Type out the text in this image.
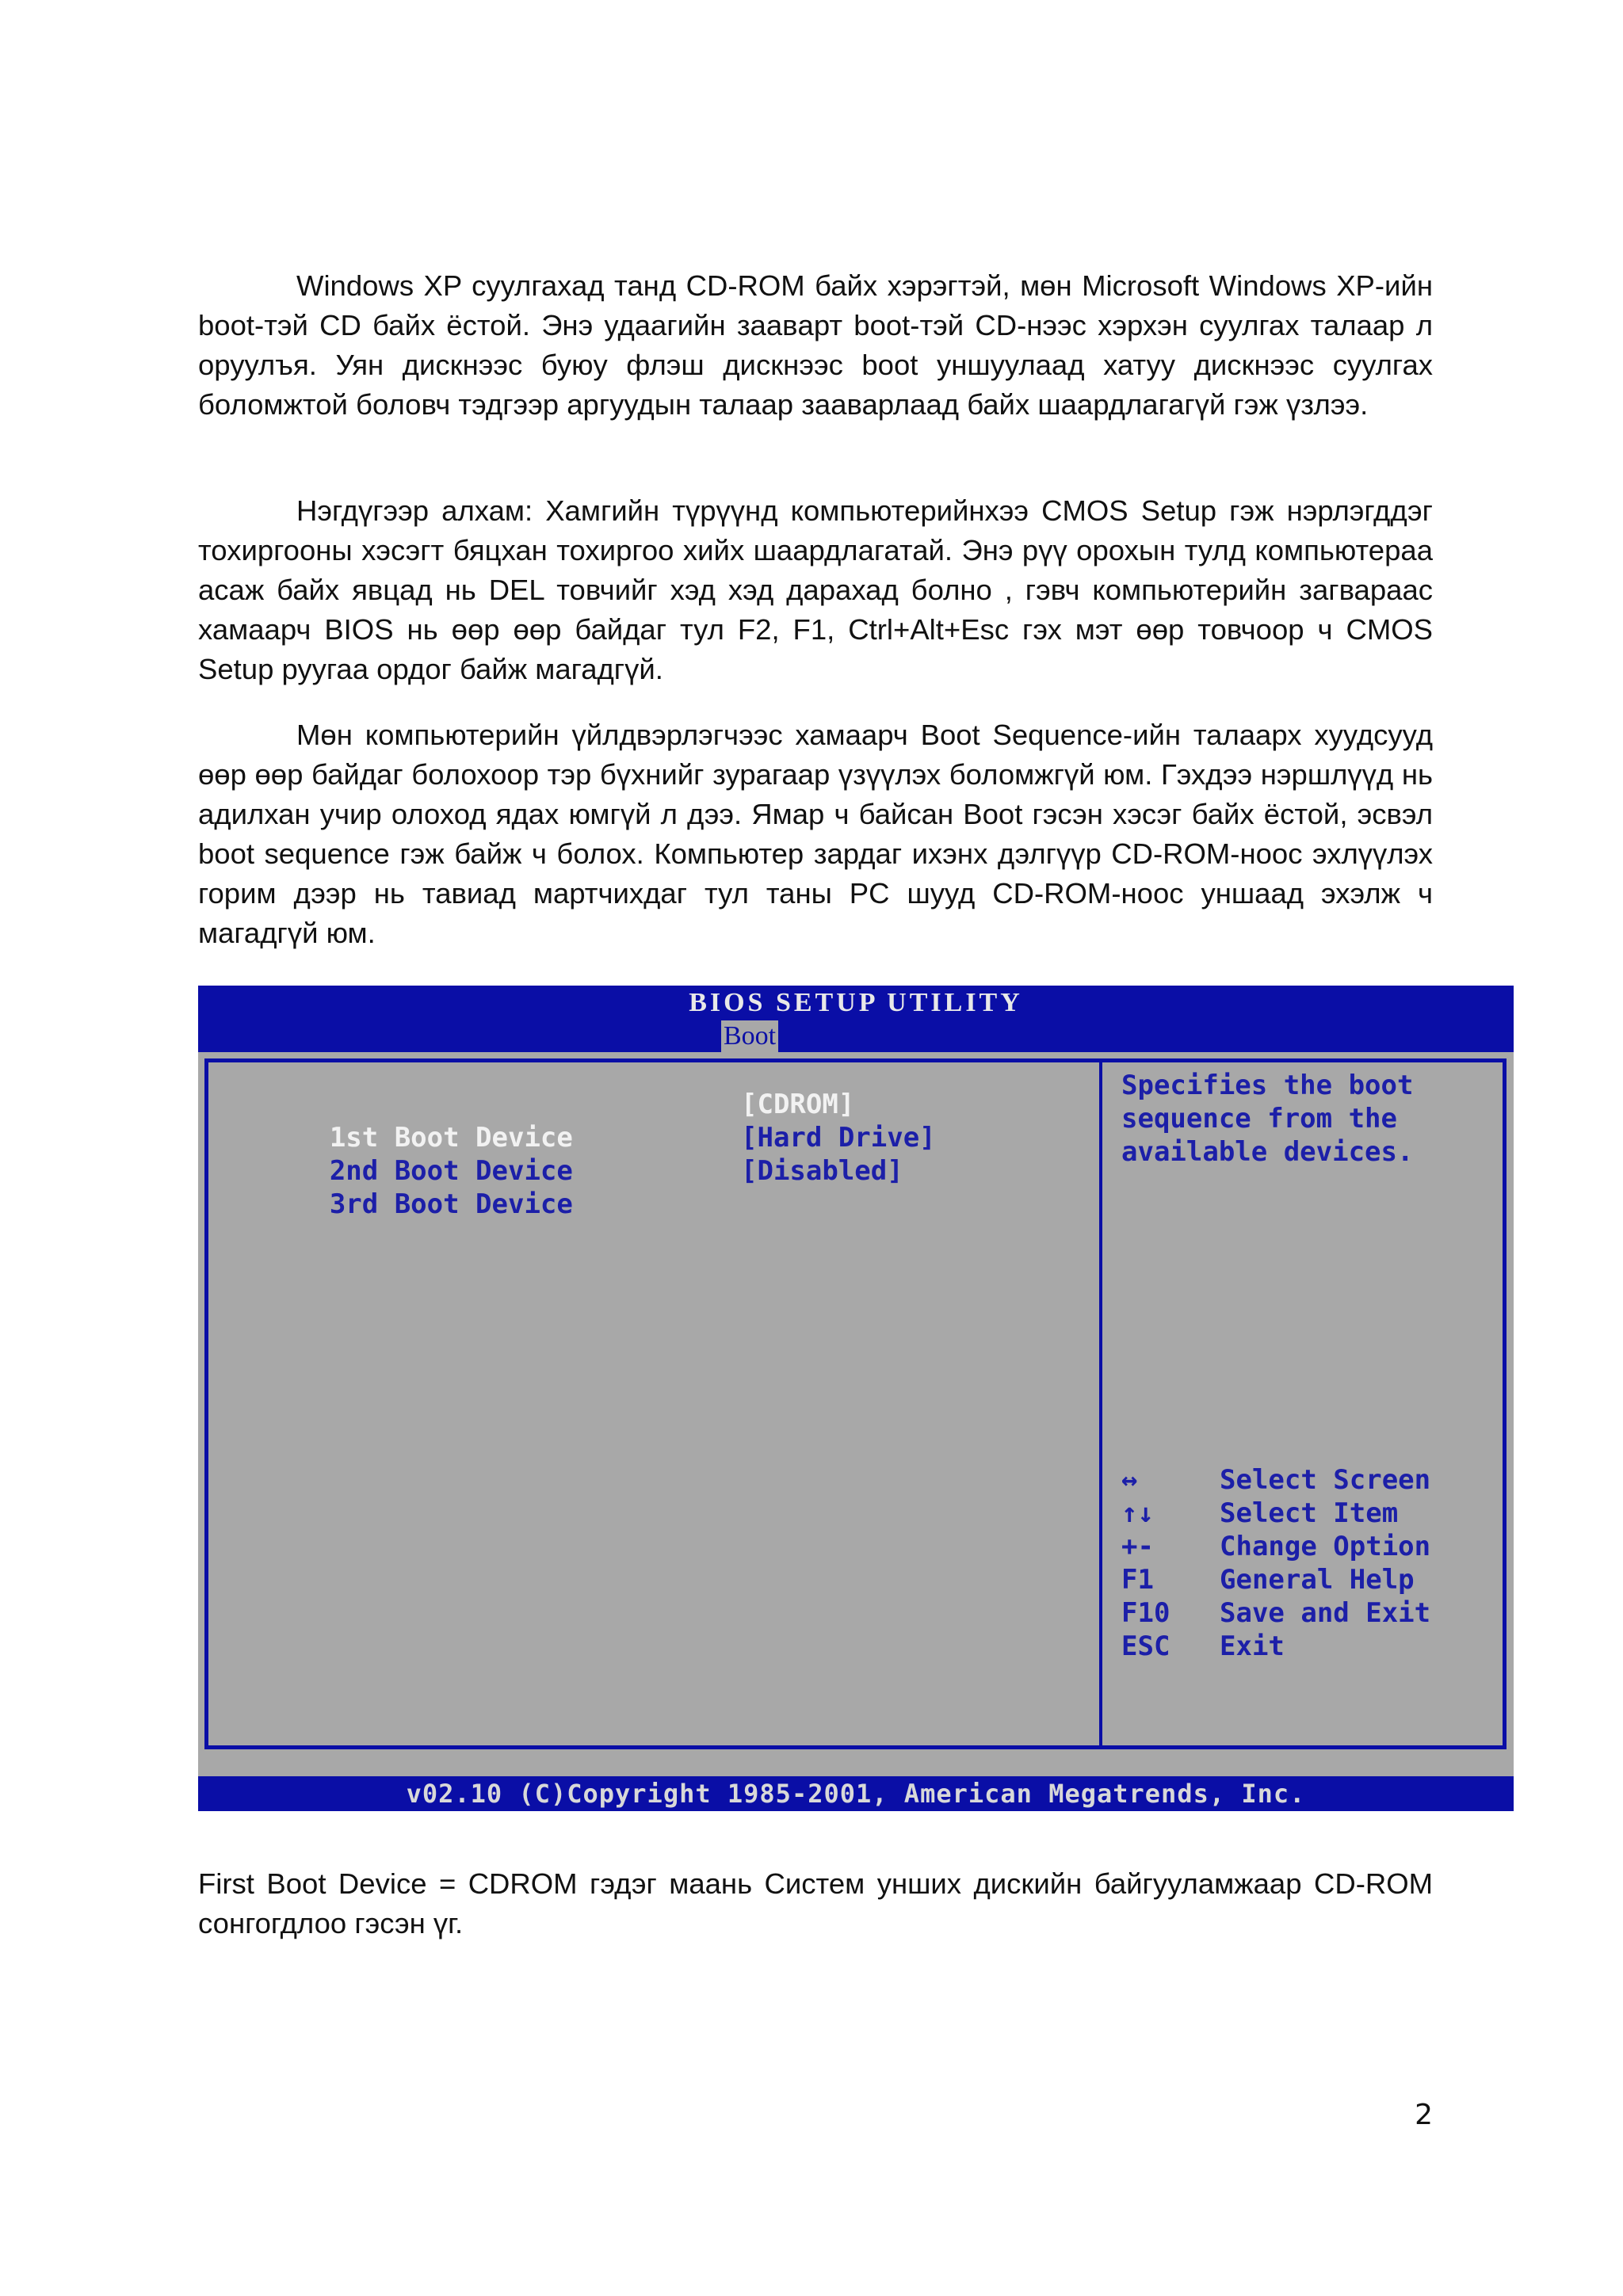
Windows XP суулгахад танд CD-ROM байх хэрэгтэй, мөн Microsoft Windows XP-ийн boot-тэй CD байх ёстой. Энэ удаагийн заавaрт boot-тэй CD-нээс хэрхэн суулгах талаар л оруулъя. Уян дискнээс буюу флэш дискнээс boot уншуулаад хатуу дискнээс суулгах боломжтой боловч тэдгээр аргуудын талаар зааварлаад байх шаардлагагүй гэж үзлээ.

Нэгдүгээр алхам: Хамгийн түрүүнд компьютерийнхээ CMOS Setup гэж нэрлэгддэг тохиргооны хэсэгт бяцхан тохиргоо хийх шаардлагатай. Энэ рүү орохын тулд компьютераа асаж байх явцад нь DEL товчийг хэд хэд дарахад болно , гэвч компьютерийн загвараас хамаарч BIOS нь өөр өөр байдаг тул F2, F1, Ctrl+Alt+Esc гэх мэт өөр товчоор ч CMOS Setup руугаа ордог байж магадгүй.

Мөн компьютерийн үйлдвэрлэгчээс хамаарч Boot Sequence-ийн талаарх хуудсууд өөр өөр байдаг болохоор тэр бүхнийг зурагаар үзүүлэх боломжгүй юм. Гэхдээ нэршлүүд нь адилхан учир олоход ядах юмгүй л дээ. Ямар ч байсан Boot гэсэн хэсэг байх ёстой, эсвэл boot sequence гэж байж ч болох. Компьютер зардаг ихэнх дэлгүүр CD-ROM-ноос эхлүүлэх горим дээр нь тавиад мартчихдаг тул таны PC шууд CD-ROM-ноос уншаад эхэлж ч магадгүй юм.

BIOS SETUP UTILITY
Boot

1st Boot Device

[CDROM]

2nd Boot Device

[Hard Drive]

3rd Boot Device

[Disabled]

Specifies the boot sequence from the available devices.

↔

	Select Screen

↑↓

Select Item

+-

Change Option

F1

General Help

F10

Save and Exit

ESC

Exit

v02.10 (C)Copyright 1985-2001, American Megatrends, Inc.

First Boot Device = CDROM гэдэг маань Систем унших дискийн байгууламжаар CD-ROM сонгогдлоо гэсэн үг.

2
